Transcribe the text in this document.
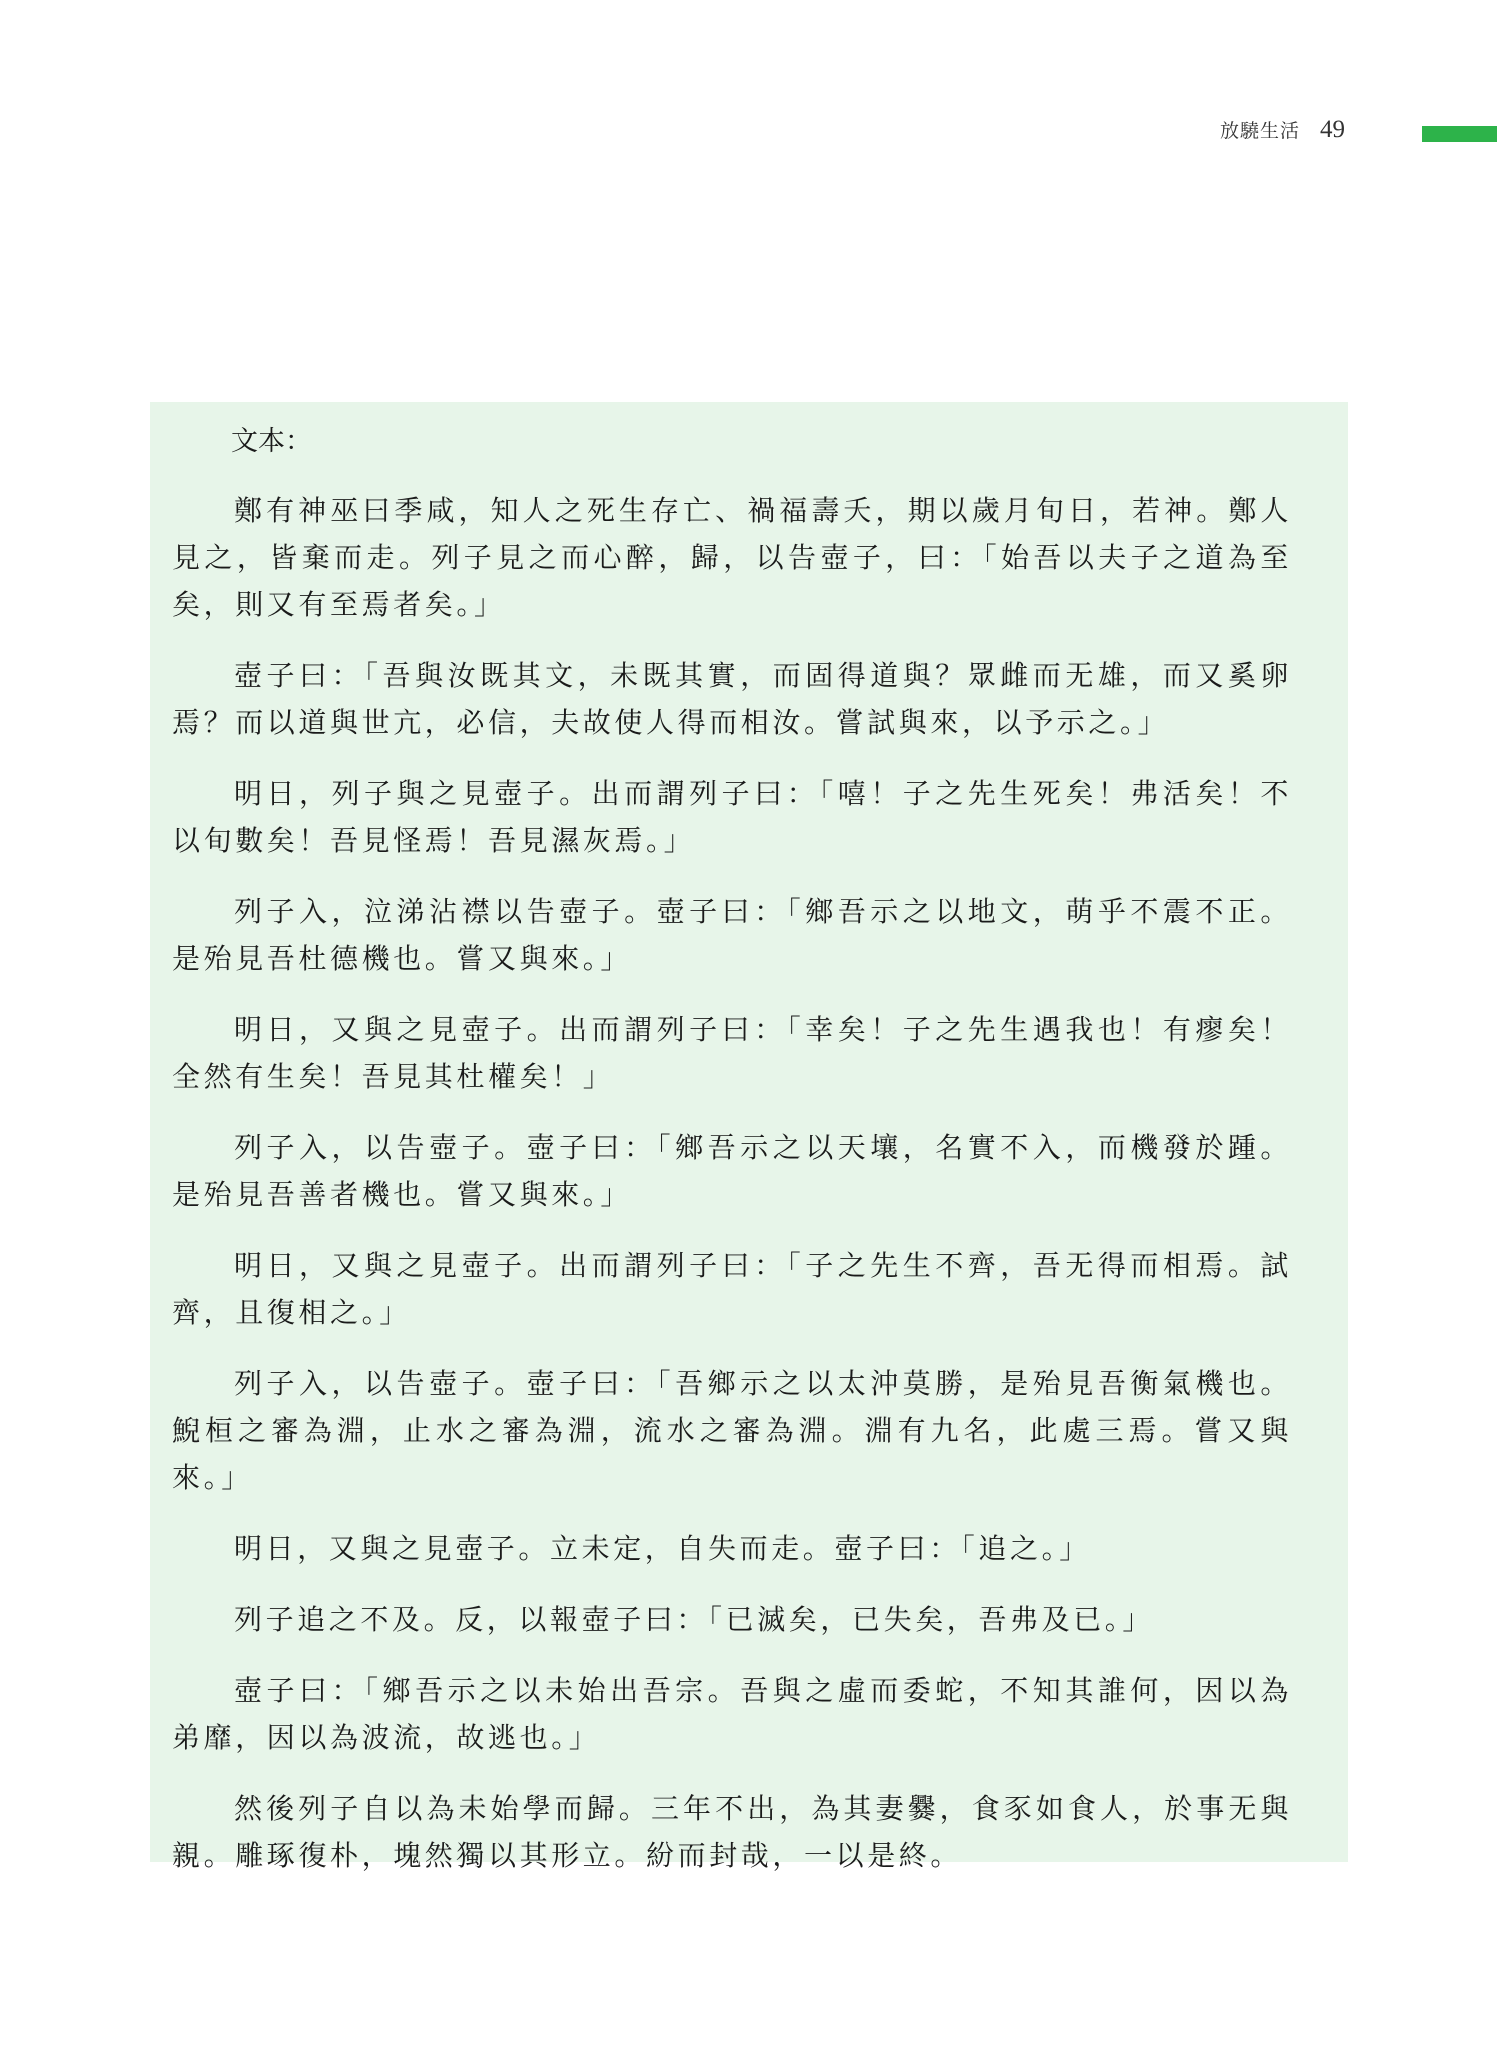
放驍生活 49
文本：

鄭有神巫曰季咸，知人之死生存亡、禍福壽夭，期以歲月旬日，若神。鄭人見之，皆棄而走。列子見之而心醉，歸，以告壺子，曰：「始吾以夫子之道為至矣，則又有至焉者矣。」

壺子曰：「吾與汝既其文，未既其實，而固得道與？眾雌而无雄，而又奚卵焉？而以道與世亢，必信，夫故使人得而相汝。嘗試與來，以予示之。」

明日，列子與之見壺子。出而謂列子曰：「嘻！子之先生死矣！弗活矣！不以旬數矣！吾見怪焉！吾見濕灰焉。」

列子入，泣涕沾襟以告壺子。壺子曰：「鄉吾示之以地文，萌乎不震不正。是殆見吾杜德機也。嘗又與來。」

明日，又與之見壺子。出而謂列子曰：「幸矣！子之先生遇我也！有瘳矣！全然有生矣！吾見其杜權矣！」

列子入，以告壺子。壺子曰：「鄉吾示之以天壤，名實不入，而機發於踵。是殆見吾善者機也。嘗又與來。」

明日，又與之見壺子。出而謂列子曰：「子之先生不齊，吾无得而相焉。試齊，且復相之。」

列子入，以告壺子。壺子曰：「吾鄉示之以太沖莫勝，是殆見吾衡氣機也。鯢桓之審為淵，止水之審為淵，流水之審為淵。淵有九名，此處三焉。嘗又與來。」

明日，又與之見壺子。立未定，自失而走。壺子曰：「追之。」

列子追之不及。反，以報壺子曰：「已滅矣，已失矣，吾弗及已。」

壺子曰：「鄉吾示之以未始出吾宗。吾與之虛而委蛇，不知其誰何，因以為弟靡，因以為波流，故逃也。」

然後列子自以為未始學而歸。三年不出，為其妻爨，食豕如食人，於事无與親。雕琢復朴，塊然獨以其形立。紛而封哉，一以是終。
